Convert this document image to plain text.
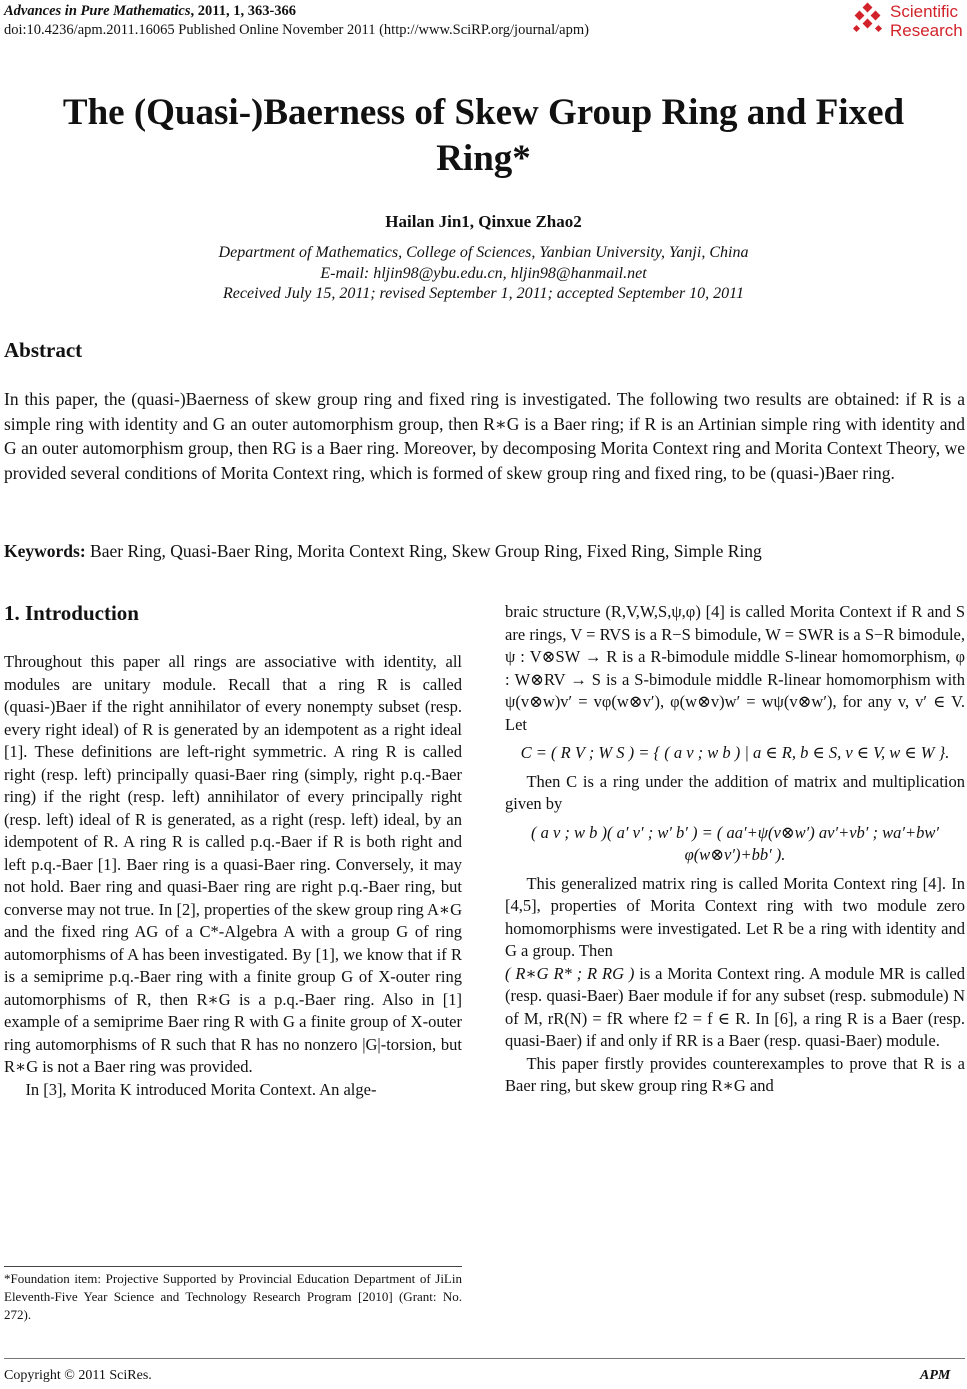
Advances in Pure Mathematics, 2011, 1, 363-366
doi:10.4236/apm.2011.16065 Published Online November 2011 (http://www.SciRP.org/journal/apm)
Scientific
Research
The (Quasi-)Baerness of Skew Group Ring and Fixed Ring*
Hailan Jin1, Qinxue Zhao2
Department of Mathematics, College of Sciences, Yanbian University, Yanji, China
E-mail: hljin98@ybu.edu.cn, hljin98@hanmail.net
Received July 15, 2011; revised September 1, 2011; accepted September 10, 2011
Abstract
In this paper, the (quasi-)Baerness of skew group ring and fixed ring is investigated. The following two results are obtained: if R is a simple ring with identity and G an outer automorphism group, then R∗G is a Baer ring; if R is an Artinian simple ring with identity and G an outer automorphism group, then RG is a Baer ring. Moreover, by decomposing Morita Context ring and Morita Context Theory, we provided several conditions of Morita Context ring, which is formed of skew group ring and fixed ring, to be (quasi-)Baer ring.
Keywords: Baer Ring, Quasi-Baer Ring, Morita Context Ring, Skew Group Ring, Fixed Ring, Simple Ring
1. Introduction

Throughout this paper all rings are associative with identity, all modules are unitary module. Recall that a ring R is called (quasi-)Baer if the right annihilator of every nonempty subset (resp. every right ideal) of R is generated by an idempotent as a right ideal [1]. These definitions are left-right symmetric. A ring R is called right (resp. left) principally quasi-Baer ring (simply, right p.q.-Baer ring) if the right (resp. left) annihilator of every principally right (resp. left) ideal of R is generated, as a right (resp. left) ideal, by an idempotent of R. A ring R is called p.q.-Baer if R is both right and left p.q.-Baer [1]. Baer ring is a quasi-Baer ring. Conversely, it may not hold. Baer ring and quasi-Baer ring are right p.q.-Baer ring, but converse may not true. In [2], properties of the skew group ring A∗G and the fixed ring AG of a C*-Algebra A with a group G of ring automorphisms of A has been investigated. By [1], we know that if R is a semiprime p.q.-Baer ring with a finite group G of X-outer ring automorphisms of R, then R∗G is a p.q.-Baer ring. Also in [1] example of a semiprime Baer ring R with G a finite group of X-outer ring automorphisms of R such that R has no nonzero |G|-torsion, but R∗G is not a Baer ring was provided.

In [3], Morita K introduced Morita Context. An alge-

braic structure (R,V,W,S,ψ,φ) [4] is called Morita Context if R and S are rings, V = RVS is a R−S bimodule, W = SWR is a S−R bimodule, ψ : V⊗SW → R is a R-bimodule middle S-linear homomorphism, φ : W⊗RV → S is a S-bimodule middle R-linear homomorphism with ψ(v⊗w)v′ = vφ(w⊗v′), φ(w⊗v)w′ = wψ(v⊗w′), for any v, v′ ∈ V. Let

C = ( R V ; W S ) = { ( a v ; w b ) | a ∈ R, b ∈ S, v ∈ V, w ∈ W }.

Then C is a ring under the addition of matrix and multiplication given by

( a v ; w b )( a′ v′ ; w′ b′ ) = ( aa′+ψ(v⊗w′) av′+vb′ ; wa′+bw′ φ(w⊗v′)+bb′ ).

This generalized matrix ring is called Morita Context ring [4]. In [4,5], properties of Morita Context ring with two module zero homomorphisms were investigated. Let R be a ring with identity and G a group. Then

( R∗G R* ; R RG ) is a Morita Context ring. A module MR is called (resp. quasi-Baer) Baer module if for any subset (resp. submodule) N of M, rR(N) = fR where f2 = f ∈ R. In [6], a ring R is a Baer (resp. quasi-Baer) if and only if RR is a Baer (resp. quasi-Baer) module.

This paper firstly provides counterexamples to prove that R is a Baer ring, but skew group ring R∗G and

*Foundation item: Projective Supported by Provincial Education Department of JiLin Eleventh-Five Year Science and Technology Research Program [2010] (Grant: No. 272).
Copyright © 2011 SciRes.	APM
